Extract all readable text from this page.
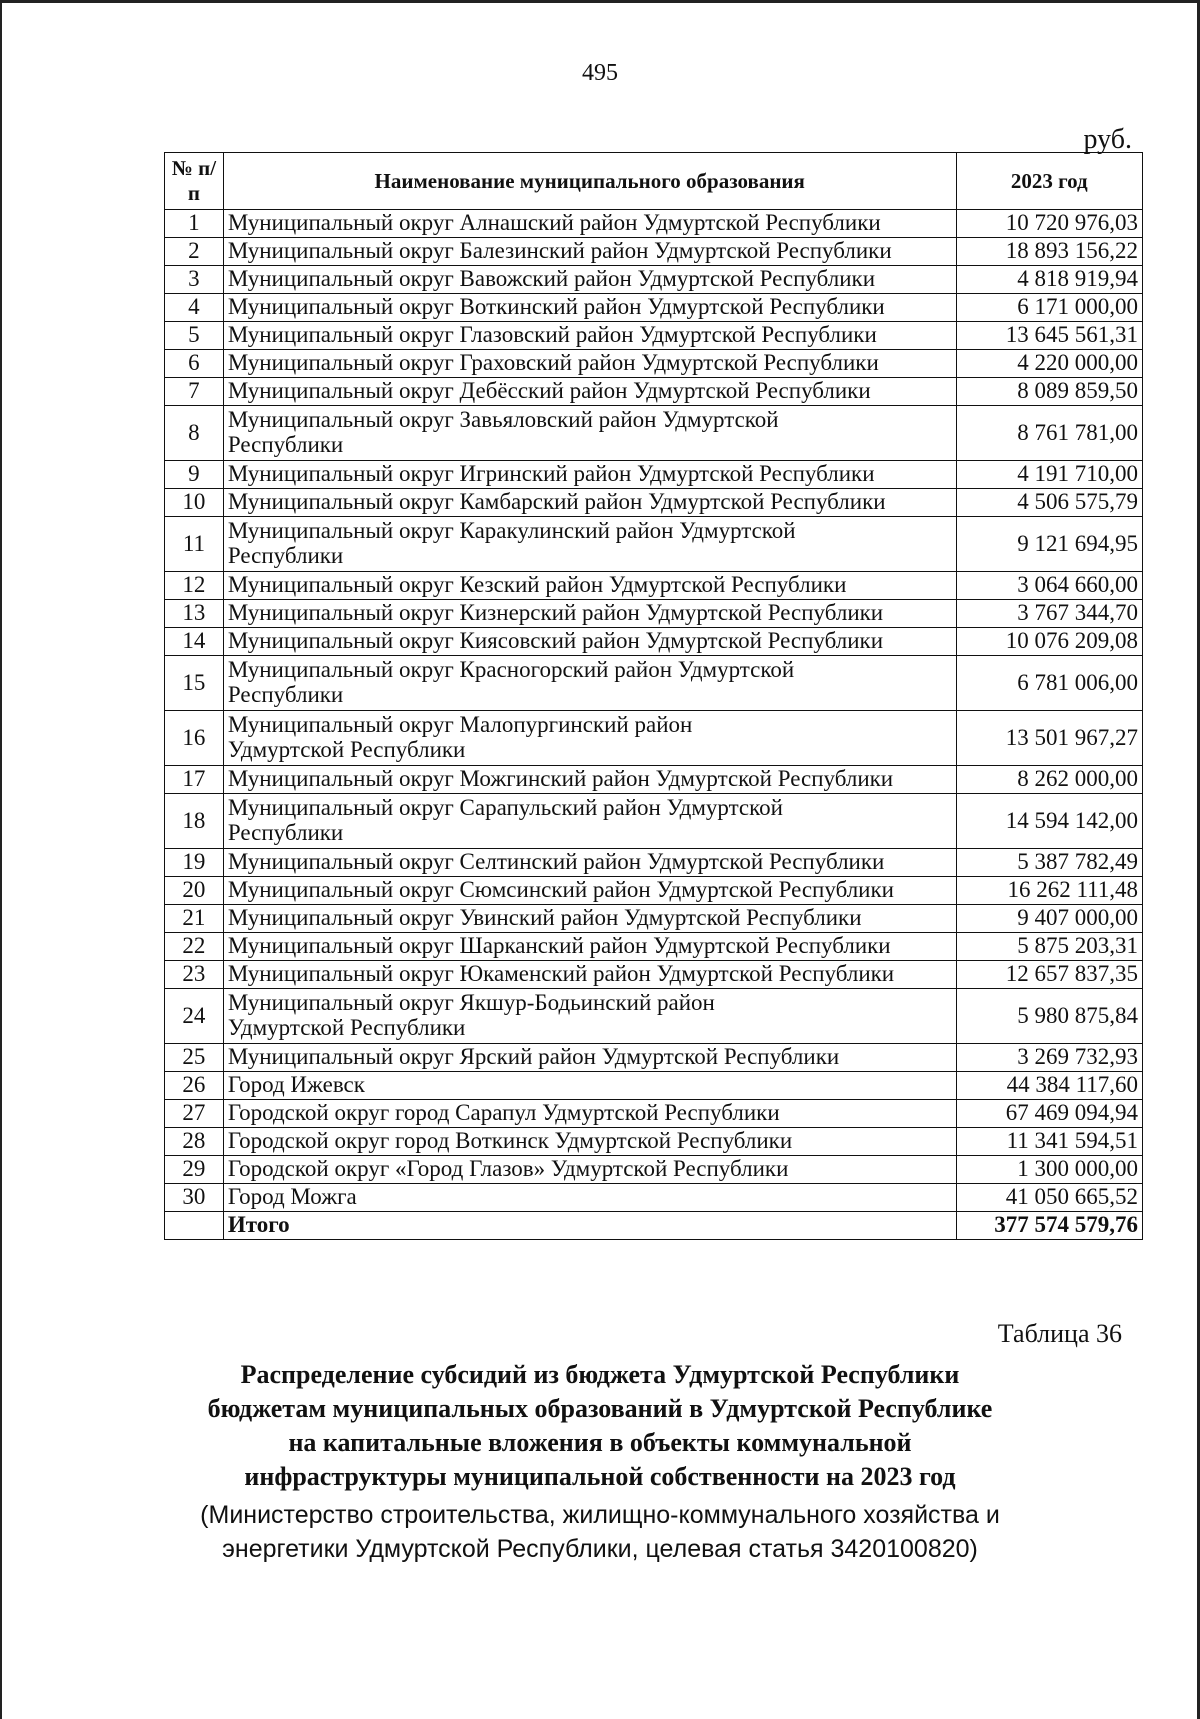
495
руб.
№ п/п	Наименование муниципального образования	2023 год
1	Муниципальный округ Алнашский район Удмуртской Республики	10 720 976,03
2	Муниципальный округ Балезинский район Удмуртской Республики	18 893 156,22
3	Муниципальный округ Вавожский район Удмуртской Республики	4 818 919,94
4	Муниципальный округ Воткинский район Удмуртской Республики	6 171 000,00
5	Муниципальный округ Глазовский район Удмуртской Республики	13 645 561,31
6	Муниципальный округ Граховский район Удмуртской Республики	4 220 000,00
7	Муниципальный округ Дебёсский район Удмуртской Республики	8 089 859,50
8	Муниципальный округ Завьяловский район Удмуртской Республики	8 761 781,00
9	Муниципальный округ Игринский район Удмуртской Республики	4 191 710,00
10	Муниципальный округ Камбарский район Удмуртской Республики	4 506 575,79
11	Муниципальный округ Каракулинский район Удмуртской Республики	9 121 694,95
12	Муниципальный округ Кезский район Удмуртской Республики	3 064 660,00
13	Муниципальный округ Кизнерский район Удмуртской Республики	3 767 344,70
14	Муниципальный округ Киясовский район Удмуртской Республики	10 076 209,08
15	Муниципальный округ Красногорский район Удмуртской Республики	6 781 006,00
16	Муниципальный округ Малопургинский район Удмуртской Республики	13 501 967,27
17	Муниципальный округ Можгинский район Удмуртской Республики	8 262 000,00
18	Муниципальный округ Сарапульский район Удмуртской Республики	14 594 142,00
19	Муниципальный округ Селтинский район Удмуртской Республики	5 387 782,49
20	Муниципальный округ Сюмсинский район Удмуртской Республики	16 262 111,48
21	Муниципальный округ Увинский район Удмуртской Республики	9 407 000,00
22	Муниципальный округ Шарканский район Удмуртской Республики	5 875 203,31
23	Муниципальный округ Юкаменский район Удмуртской Республики	12 657 837,35
24	Муниципальный округ Якшур-Бодьинский район Удмуртской Республики	5 980 875,84
25	Муниципальный округ Ярский район Удмуртской Республики	3 269 732,93
26	Город Ижевск	44 384 117,60
27	Городской округ город Сарапул Удмуртской Республики	67 469 094,94
28	Городской округ город Воткинск Удмуртской Республики	11 341 594,51
29	Городской округ «Город Глазов» Удмуртской Республики	1 300 000,00
30	Город Можга	41 050 665,52
	Итого	377 574 579,76
Таблица 36
Распределение субсидий из бюджета Удмуртской Республики
бюджетам муниципальных образований в Удмуртской Республике
на капитальные вложения в объекты коммунальной
инфраструктуры муниципальной собственности на 2023 год
(Министерство строительства, жилищно-коммунального хозяйства и
энергетики Удмуртской Республики, целевая статья 3420100820)
